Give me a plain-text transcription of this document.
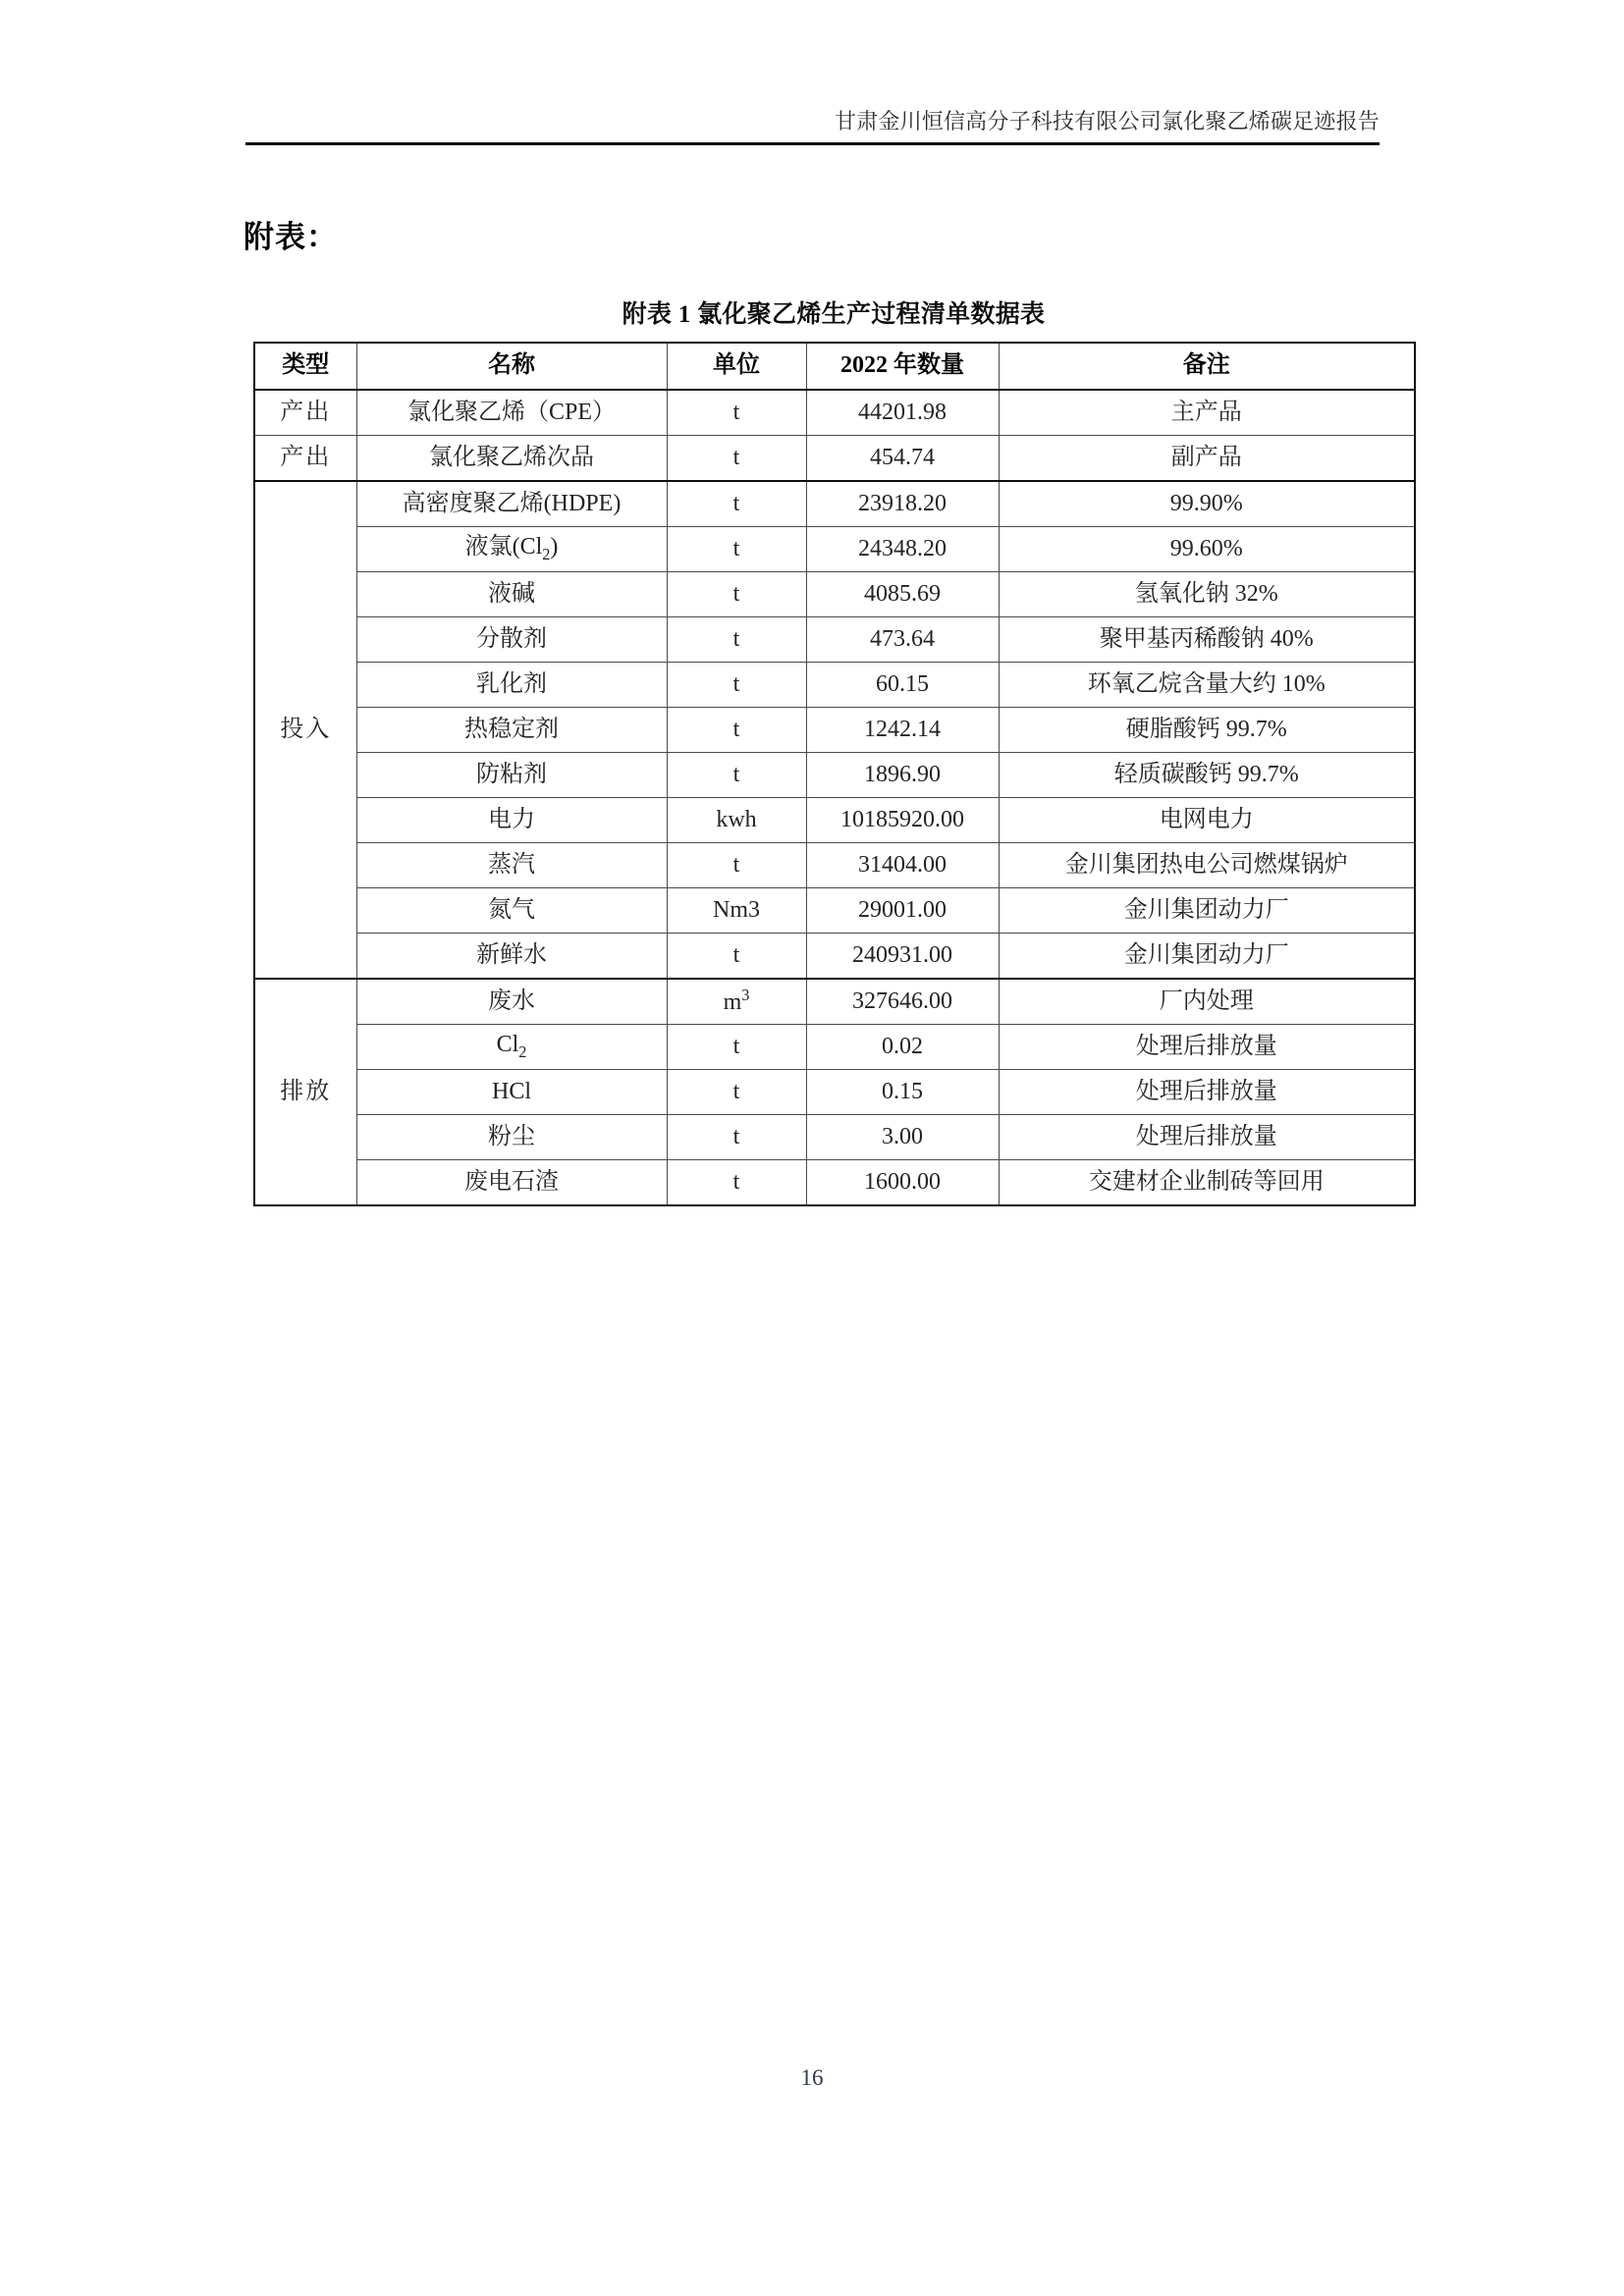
甘肃金川恒信高分子科技有限公司氯化聚乙烯碳足迹报告
附表：
附表 1 氯化聚乙烯生产过程清单数据表
类型	名称	单位	2022 年数量	备注
产出	氯化聚乙烯（CPE）	t	44201.98	主产品
产出	氯化聚乙烯次品	t	454.74	副产品
投入	高密度聚乙烯(HDPE)	t	23918.20	99.90%
	液氯$(Cl_2)$	t	24348.20	99.60%
	液碱	t	4085.69	氢氧化钠 32%
	分散剂	t	473.64	聚甲基丙稀酸钠 40%
	乳化剂	t	60.15	环氧乙烷含量大约 10%
	热稳定剂	t	1242.14	硬脂酸钙 99.7%
	防粘剂	t	1896.90	轻质碳酸钙 99.7%
	电力	kwh	10185920.00	电网电力
	蒸汽	t	31404.00	金川集团热电公司燃煤锅炉
	氮气	Nm3	29001.00	金川集团动力厂
	新鲜水	t	240931.00	金川集团动力厂
排放	废水	$m^3$	327646.00	厂内处理
	$Cl_2$	t	0.02	处理后排放量
	HCl	t	0.15	处理后排放量
	粉尘	t	3.00	处理后排放量
	废电石渣	t	1600.00	交建材企业制砖等回用
16
